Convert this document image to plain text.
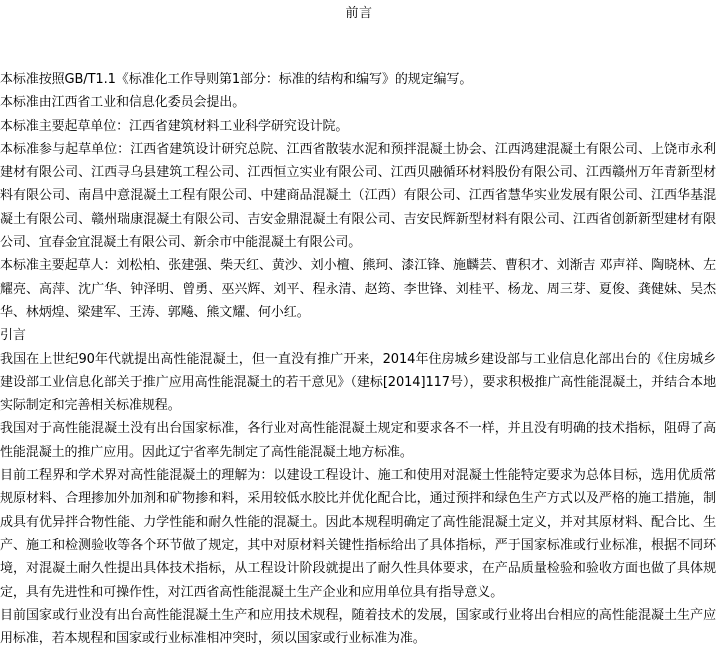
前言

本标准按照GB/T1.1《标准化工作导则第1部分：标准的结构和编写》的规定编写。

本标准由江西省工业和信息化委员会提出。

本标准主要起草单位：江西省建筑材料工业科学研究设计院。

本标准参与起草单位：江西省建筑设计研究总院、江西省散装水泥和预拌混凝土协会、江西鸿建混凝土有限公司、上饶市永利建材有限公司、江西寻乌县建筑工程公司、江西恒立实业有限公司、江西贝融循环材料股份有限公司、江西赣州万年青新型材料有限公司、南昌中意混凝土工程有限公司、中建商品混凝土（江西）有限公司、江西省慧华实业发展有限公司、江西华基混凝土有限公司、赣州瑞康混凝土有限公司、吉安金鼎混凝土有限公司、吉安民辉新型材料有限公司、江西省创新新型建材有限公司、宜春金宜混凝土有限公司、新余市中能混凝土有限公司。

本标准主要起草人：刘松柏、张建强、柴天红、黄沙、刘小檀、熊珂、漆江锋、施麟芸、曹积才、刘渐吉 邓声祥、陶晓林、左耀亮、高萍、沈广华、钟泽明、曾勇、巫兴辉、刘平、程永清、赵筠、李世锋、刘桂平、杨龙、周三芽、夏俊、龚健妹、吴杰华、林炳煌、梁建军、王涛、郭飚、熊文耀、何小红。

引言

我国在上世纪90年代就提出高性能混凝土，但一直没有推广开来，2014年住房城乡建设部与工业信息化部出台的《住房城乡建设部工业信息化部关于推广应用高性能混凝土的若干意见》（建标[2014]117号），要求积极推广高性能混凝土，并结合本地实际制定和完善相关标准规程。

我国对于高性能混凝土没有出台国家标准，各行业对高性能混凝土规定和要求各不一样，并且没有明确的技术指标，阻碍了高性能混凝土的推广应用。因此辽宁省率先制定了高性能混凝土地方标准。

目前工程界和学术界对高性能混凝土的理解为：以建设工程设计、施工和使用对混凝土性能特定要求为总体目标，选用优质常规原材料、合理掺加外加剂和矿物掺和料，采用较低水胶比并优化配合比，通过预拌和绿色生产方式以及严格的施工措施，制成具有优异拌合物性能、力学性能和耐久性能的混凝土。因此本规程明确定了高性能混凝土定义，并对其原材料、配合比、生产、施工和检测验收等各个环节做了规定，其中对原材料关键性指标给出了具体指标，严于国家标准或行业标准，根据不同环境，对混凝土耐久性提出具体技术指标，从工程设计阶段就提出了耐久性具体要求，在产品质量检验和验收方面也做了具体规定，具有先进性和可操作性，对江西省高性能混凝土生产企业和应用单位具有指导意义。

目前国家或行业没有出台高性能混凝土生产和应用技术规程，随着技术的发展，国家或行业将出台相应的高性能混凝土生产应用标准，若本规程和国家或行业标准相冲突时，须以国家或行业标准为准。
